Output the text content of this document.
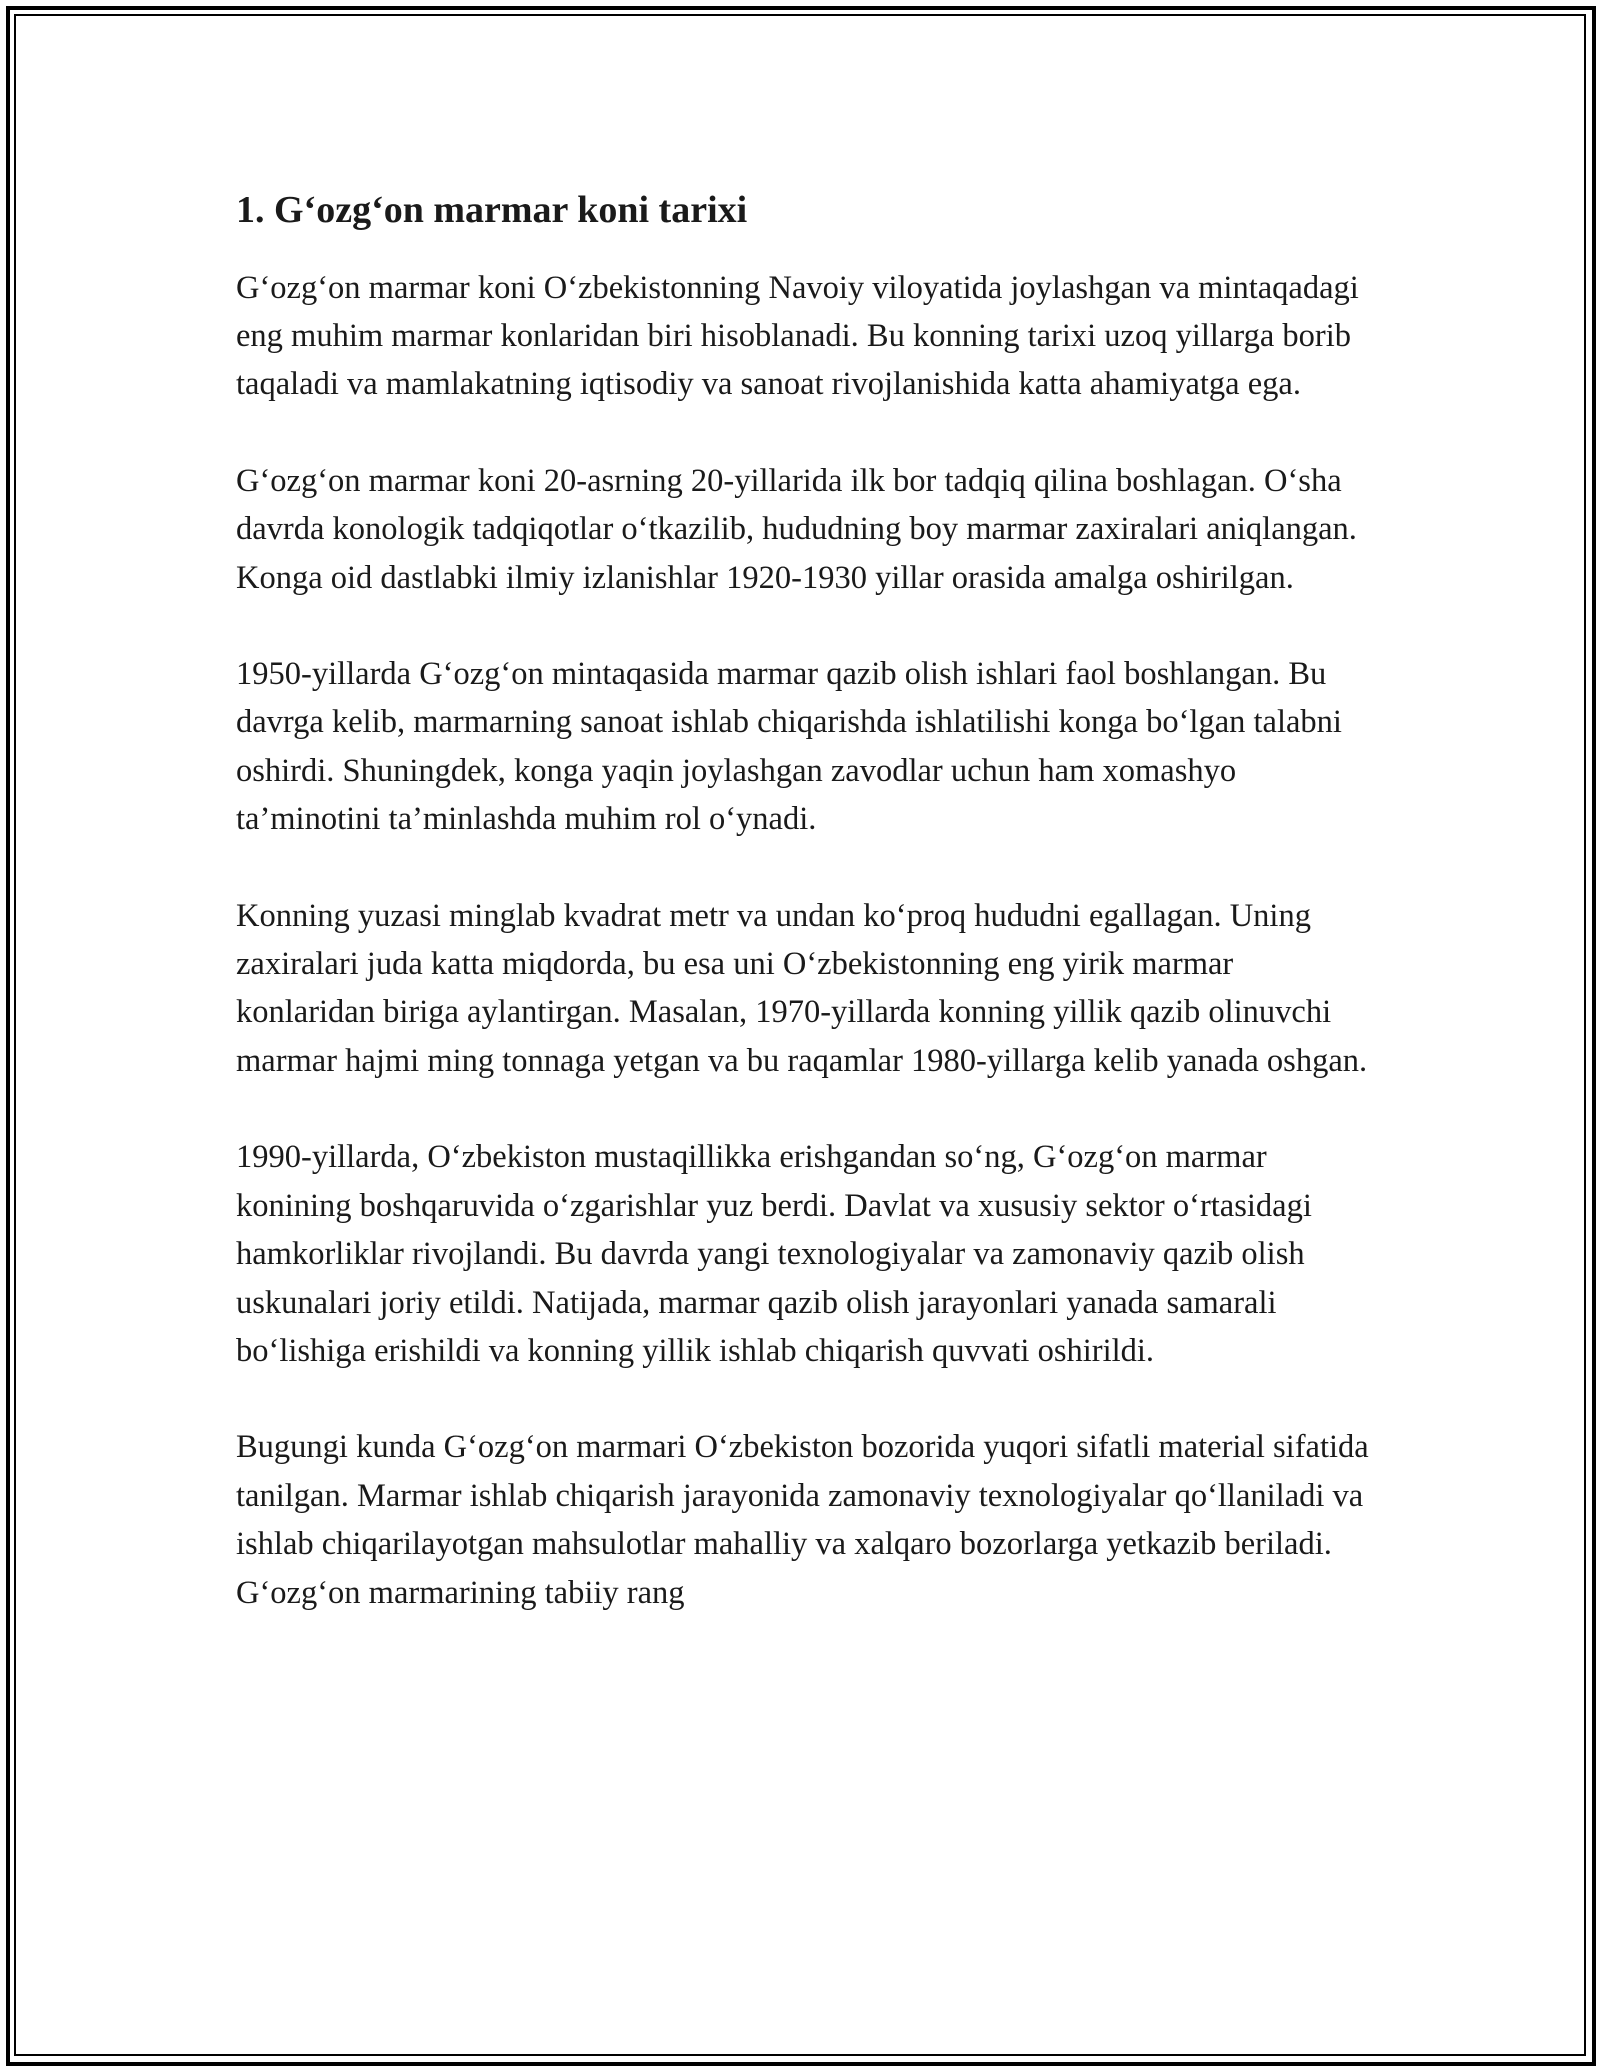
1. G‘ozg‘on marmar koni tarixi

G‘ozg‘on marmar koni O‘zbekistonning Navoiy viloyatida joylashgan va mintaqadagi eng muhim marmar konlaridan biri hisoblanadi. Bu konning tarixi uzoq yillarga borib taqaladi va mamlakatning iqtisodiy va sanoat rivojlanishida katta ahamiyatga ega.

G‘ozg‘on marmar koni 20-asrning 20-yillarida ilk bor tadqiq qilina boshlagan. O‘sha davrda konologik tadqiqotlar o‘tkazilib, hududning boy marmar zaxiralari aniqlangan. Konga oid dastlabki ilmiy izlanishlar 1920-1930 yillar orasida amalga oshirilgan.

1950-yillarda G‘ozg‘on mintaqasida marmar qazib olish ishlari faol boshlangan. Bu davrga kelib, marmarning sanoat ishlab chiqarishda ishlatilishi konga bo‘lgan talabni oshirdi. Shuningdek, konga yaqin joylashgan zavodlar uchun ham xomashyo ta’minotini ta’minlashda muhim rol o‘ynadi.

Konning yuzasi minglab kvadrat metr va undan ko‘proq hududni egallagan. Uning zaxiralari juda katta miqdorda, bu esa uni O‘zbekistonning eng yirik marmar konlaridan biriga aylantirgan. Masalan, 1970-yillarda konning yillik qazib olinuvchi marmar hajmi ming tonnaga yetgan va bu raqamlar 1980-yillarga kelib yanada oshgan.

1990-yillarda, O‘zbekiston mustaqillikka erishgandan so‘ng, G‘ozg‘on marmar konining boshqaruvida o‘zgarishlar yuz berdi. Davlat va xususiy sektor o‘rtasidagi hamkorliklar rivojlandi. Bu davrda yangi texnologiyalar va zamonaviy qazib olish uskunalari joriy etildi. Natijada, marmar qazib olish jarayonlari yanada samarali bo‘lishiga erishildi va konning yillik ishlab chiqarish quvvati oshirildi.

Bugungi kunda G‘ozg‘on marmari O‘zbekiston bozorida yuqori sifatli material sifatida tanilgan. Marmar ishlab chiqarish jarayonida zamonaviy texnologiyalar qo‘llaniladi va ishlab chiqarilayotgan mahsulotlar mahalliy va xalqaro bozorlarga yetkazib beriladi. G‘ozg‘on marmarining tabiiy rang
